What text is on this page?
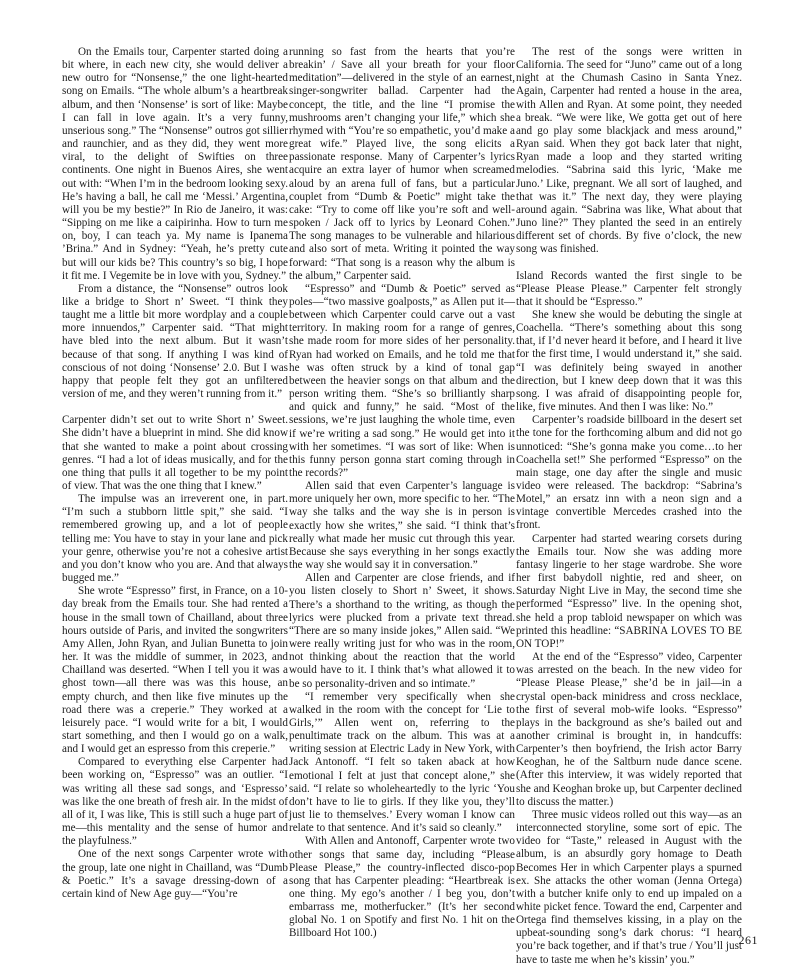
On the Emails tour, Carpenter started doing a bit where, in each new city, she would deliver a new outro for “Nonsense,” the one light-hearted song on Emails. “The whole album’s a heartbreak album, and then ‘Nonsense’ is sort of like: Maybe I can fall in love again. It’s a very funny, unserious song.” The “Nonsense” outros got sillier and raunchier, and as they did, they went more viral, to the delight of Swifties on three continents. One night in Buenos Aires, she went out with: “When I’m in the bedroom looking sexy. He’s having a ball, he call me ‘Messi.’ Argentina, will you be my bestie?” In Rio de Janeiro, it was: “Sipping on me like a caipirinha. How to turn me on, boy, I can teach ya. My name is Ipanema ’Brina.” And in Sydney: “Yeah, he’s pretty cute but will our kids be? This country’s so big, I hope it fit me. I Vegemite be in love with you, Sydney.”

From a distance, the “Nonsense” outros look like a bridge to Short n’ Sweet. “I think they taught me a little bit more wordplay and a couple more innuendos,” Carpenter said. “That might have bled into the next album. But it wasn’t because of that song. If anything I was kind of conscious of not doing ‘Nonsense’ 2.0. But I was happy that people felt they got an unfiltered version of me, and they weren’t running from it.”

Carpenter didn’t set out to write Short n’ Sweet. She didn’t have a blueprint in mind. She did know that she wanted to make a point about crossing genres. “I had a lot of ideas musically, and for the one thing that pulls it all together to be my point of view. That was the one thing that I knew.”

The impulse was an irreverent one, in part. “I’m such a stubborn little spit,” she said. “I remembered growing up, and a lot of people telling me: You have to stay in your lane and pick your genre, otherwise you’re not a cohesive artist and you don’t know who you are. And that always bugged me.”

She wrote “Espresso” first, in France, on a 10-day break from the Emails tour. She had rented a house in the small town of Chailland, about three hours outside of Paris, and invited the songwriters Amy Allen, John Ryan, and Julian Bunetta to join her. It was the middle of summer, in 2023, and Chailland was deserted. “When I tell you it was a ghost town—all there was was this house, an empty church, and then like five minutes up the road there was a creperie.” They worked at a leisurely pace. “I would write for a bit, I would start something, and then I would go on a walk, and I would get an espresso from this creperie.”

Compared to everything else Carpenter had been working on, “Espresso” was an outlier. “I was writing all these sad songs, and ‘Espresso’ was like the one breath of fresh air. In the midst of all of it, I was like, This is still such a huge part of me—this mentality and the sense of humor and the playfulness.”

One of the next songs Carpenter wrote with the group, late one night in Chailland, was “Dumb & Poetic.” It’s a savage dressing-down of a certain kind of New Age guy—“You’re

running so fast from the hearts that you’re breakin’ / Save all your breath for your floor meditation”—delivered in the style of an earnest, singer-songwriter ballad. Carpenter had the concept, the title, and the line “I promise the mushrooms aren’t changing your life,” which she rhymed with “You’re so empathetic, you’d make a great wife.” Played live, the song elicits a passionate response. Many of Carpenter’s lyrics acquire an extra layer of humor when screamed aloud by an arena full of fans, but a particular couplet from “Dumb & Poetic” might take the cake: “Try to come off like you’re soft and well-spoken / Jack off to lyrics by Leonard Cohen.” The song manages to be vulnerable and hilarious and also sort of meta. Writing it pointed the way forward: “That song is a reason why the album is the album,” Carpenter said.

“Espresso” and “Dumb & Poetic” served as poles—“two massive goalposts,” as Allen put it—between which Carpenter could carve out a vast territory. In making room for a range of genres, she made room for more sides of her personality. Ryan had worked on Emails, and he told me that he was often struck by a kind of tonal gap between the heavier songs on that album and the person writing them. “She’s so brilliantly sharp and quick and funny,” he said. “Most of the sessions, we’re just laughing the whole time, even if we’re writing a sad song.” He would get into it with her sometimes. “I was sort of like: When is this funny person gonna start coming through in the records?”

Allen said that even Carpenter’s language is more uniquely her own, more specific to her. “The way she talks and the way she is in person is exactly how she writes,” she said. “I think that’s really what made her music cut through this year. Because she says everything in her songs exactly the way she would say it in conversation.”

Allen and Carpenter are close friends, and if you listen closely to Short n’ Sweet, it shows. There’s a shorthand to the writing, as though the lyrics were plucked from a private text thread. “There are so many inside jokes,” Allen said. “We were really writing just for who was in the room, not thinking about the reaction that the world would have to it. I think that’s what allowed it to be so personality-driven and so intimate.”

“I remember very specifically when she walked in the room with the concept for ‘Lie to Girls,’” Allen went on, referring to the penultimate track on the album. This was at a writing session at Electric Lady in New York, with Jack Antonoff. “I felt so taken aback at how emotional I felt at just that concept alone,” she said. “I relate so wholeheartedly to the lyric ‘You don’t have to lie to girls. If they like you, they’ll just lie to themselves.’ Every woman I know can relate to that sentence. And it’s said so cleanly.”

With Allen and Antonoff, Carpenter wrote two other songs that same day, including “Please Please Please,” the country-inflected disco-pop song that has Carpenter pleading: “Heartbreak is one thing. My ego’s another / I beg you, don’t embarrass me, motherfucker.” (It’s her second global No. 1 on Spotify and first No. 1 hit on the Billboard Hot 100.)

The rest of the songs were written in California. The seed for “Juno” came out of a long night at the Chumash Casino in Santa Ynez. Again, Carpenter had rented a house in the area, with Allen and Ryan. At some point, they needed a break. “We were like, We gotta get out of here and go play some blackjack and mess around,” Ryan said. When they got back later that night, Ryan made a loop and they started writing melodies. “Sabrina said this lyric, ‘Make me Juno.’ Like, pregnant. We all sort of laughed, and that was it.” The next day, they were playing around again. “Sabrina was like, What about that Juno line?” They planted the seed in an entirely different set of chords. By five o’clock, the new song was finished.

Island Records wanted the first single to be “Please Please Please.” Carpenter felt strongly that it should be “Espresso.”

She knew she would be debuting the single at Coachella. “There’s something about this song that, if I’d never heard it before, and I heard it live for the first time, I would understand it,” she said. “I was definitely being swayed in another direction, but I knew deep down that it was this song. I was afraid of disappointing people for, like, five minutes. And then I was like: No.”

Carpenter’s roadside billboard in the desert set the tone for the forthcoming album and did not go unnoticed: “She’s gonna make you come…to her Coachella set!” She performed “Espresso” on the main stage, one day after the single and music video were released. The backdrop: “Sabrina’s Motel,” an ersatz inn with a neon sign and a vintage convertible Mercedes crashed into the front.

Carpenter had started wearing corsets during the Emails tour. Now she was adding more fantasy lingerie to her stage wardrobe. She wore her first babydoll nightie, red and sheer, on Saturday Night Live in May, the second time she performed “Espresso” live. In the opening shot, she held a prop tabloid newspaper on which was printed this headline: “SABRINA LOVES TO BE ON TOP!”

At the end of the “Espresso” video, Carpenter was arrested on the beach. In the new video for “Please Please Please,” she’d be in jail—in a crystal open-back minidress and cross necklace, the first of several mob-wife looks. “Espresso” plays in the background as she’s bailed out and another criminal is brought in, in handcuffs: Carpenter’s then boyfriend, the Irish actor Barry Keoghan, he of the Saltburn nude dance scene. (After this interview, it was widely reported that she and Keoghan broke up, but Carpenter declined to discuss the matter.)

Three music videos rolled out this way—as an interconnected storyline, some sort of epic. The video for “Taste,” released in August with the album, is an absurdly gory homage to Death Becomes Her in which Carpenter plays a spurned ex. She attacks the other woman (Jenna Ortega) with a butcher knife only to end up impaled on a white picket fence. Toward the end, Carpenter and Ortega find themselves kissing, in a play on the upbeat-sounding song’s dark chorus: “I heard you’re back together, and if that’s true / You’ll just have to taste me when he’s kissin’ you.”

261
